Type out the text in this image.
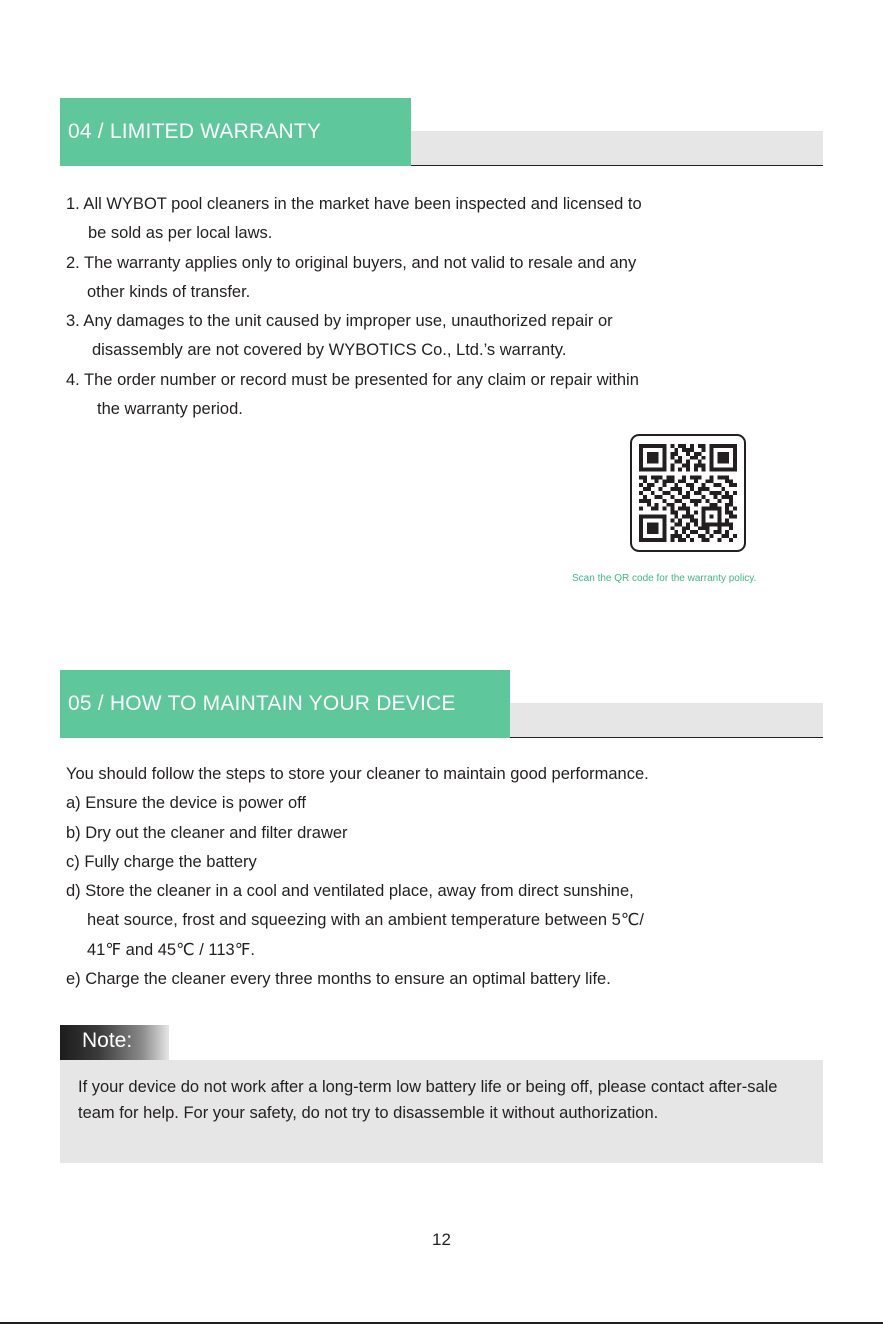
04 / LIMITED WARRANTY
1. All WYBOT pool cleaners in the market have been inspected and licensed to
be sold as per local laws.
2. The warranty applies only to original buyers, and not valid to resale and any
other kinds of transfer.
3. Any damages to the unit caused by improper use, unauthorized repair or
disassembly are not covered by WYBOTICS Co., Ltd.’s warranty.
4. The order number or record must be presented for any claim or repair within
the warranty period.
Scan the QR code for the warranty policy.
05 / HOW TO MAINTAIN YOUR DEVICE
You should follow the steps to store your cleaner to maintain good performance.
a) Ensure the device is power off
b) Dry out the cleaner and filter drawer
c) Fully charge the battery
d) Store the cleaner in a cool and ventilated place, away from direct sunshine,
heat source, frost and squeezing with an ambient temperature between 5℃/
41℉ and 45℃ / 113℉.
e) Charge the cleaner every three months to ensure an optimal battery life.
Note:

If your device do not work after a long-term low battery life or being off, please contact after-sale team for help. For your safety, do not try to disassemble it without authorization.

12
